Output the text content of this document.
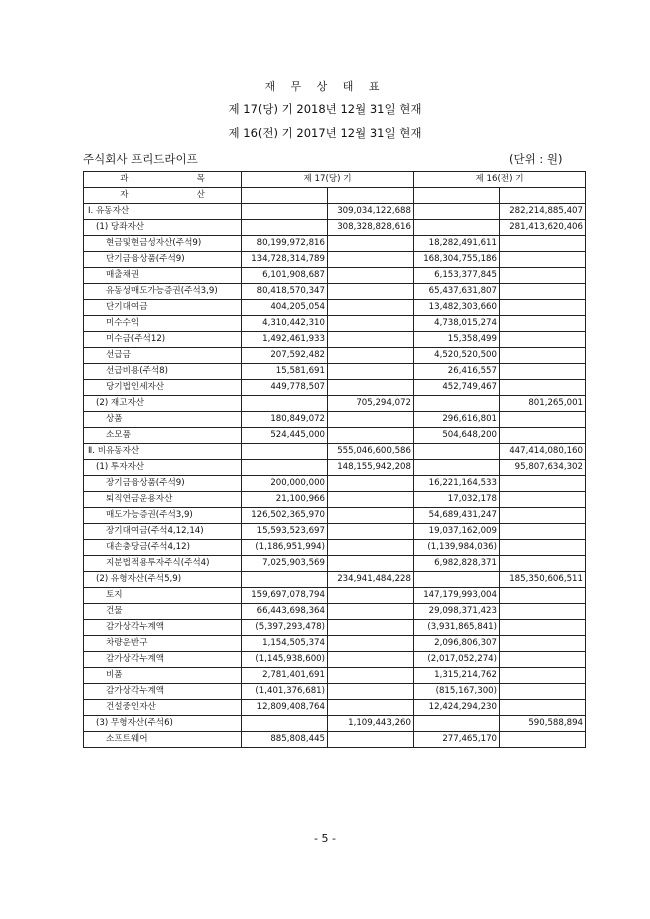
재 무 상 태 표
제 17(당) 기 2018년 12월 31일 현재
제 16(전) 기 2017년 12월 31일 현재
주식회사 프리드라이프	(단위 : 원)
과 목	제 17(당) 기		제 16(전) 기	

자 산				

Ⅰ. 유동자산		309,034,122,688		282,214,885,407
(1) 당좌자산		308,328,828,616		281,413,620,406
현금및현금성자산(주석9)	80,199,972,816		18,282,491,611	
단기금융상품(주석9)	134,728,314,789		168,304,755,186	
매출채권	6,101,908,687		6,153,377,845	
유동성매도가능증권(주석3,9)	80,418,570,347		65,437,631,807	
단기대여금	404,205,054		13,482,303,660	
미수수익	4,310,442,310		4,738,015,274	
미수금(주석12)	1,492,461,933		15,358,499	
선급금	207,592,482		4,520,520,500	
선급비용(주석8)	15,581,691		26,416,557	
당기법인세자산	449,778,507		452,749,467	
(2) 재고자산		705,294,072		801,265,001
상품	180,849,072		296,616,801	
소모품	524,445,000		504,648,200	
Ⅱ. 비유동자산		555,046,600,586		447,414,080,160
(1) 투자자산		148,155,942,208		95,807,634,302
장기금융상품(주석9)	200,000,000		16,221,164,533	
퇴직연금운용자산	21,100,966		17,032,178	
매도가능증권(주석3,9)	126,502,365,970		54,689,431,247	
장기대여금(주석4,12,14)	15,593,523,697		19,037,162,009	
대손충당금(주석4,12)	(1,186,951,994)		(1,139,984,036)	
지분법적용투자주식(주석4)	7,025,903,569		6,982,828,371	
(2) 유형자산(주석5,9)		234,941,484,228		185,350,606,511
토지	159,697,078,794		147,179,993,004	
건물	66,443,698,364		29,098,371,423	
감가상각누계액	(5,397,293,478)		(3,931,865,841)	
차량운반구	1,154,505,374		2,096,806,307	
감가상각누계액	(1,145,938,600)		(2,017,052,274)	
비품	2,781,401,691		1,315,214,762	
감가상각누계액	(1,401,376,681)		(815,167,300)	
건설중인자산	12,809,408,764		12,424,294,230	
(3) 무형자산(주석6)		1,109,443,260		590,588,894
소프트웨어	885,808,445		277,465,170	
- 5 -
